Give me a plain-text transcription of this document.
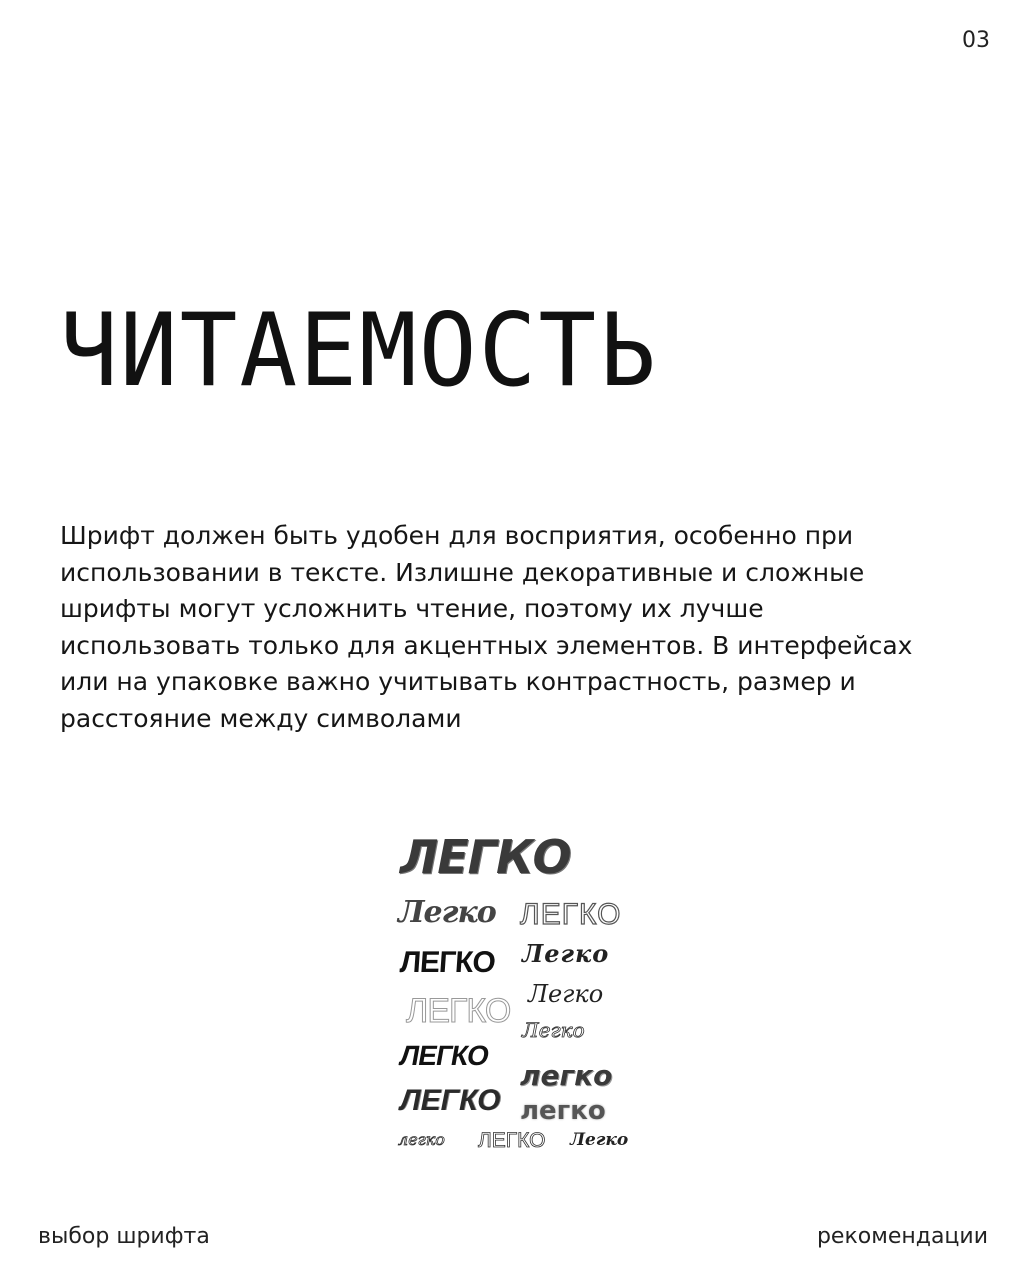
03
ЧИТАЕМОСТЬ

Шрифт должен быть удобен для восприятия, особенно при использовании в тексте. Излишне декоративные и сложные шрифты могут усложнить чтение, поэтому их лучше использовать только для акцентных элементов. В интерфейсах или на упаковке важно учитывать контрастность, размер и расстояние между символами

ЛЕГКО
Легко ЛЕГКО
ЛЕГКО Легко
ЛЕГКО Легко
Легко
ЛЕГКО
легко
ЛЕГКО легко
легко ЛЕГКО Легко
выбор шрифта	рекомендации
